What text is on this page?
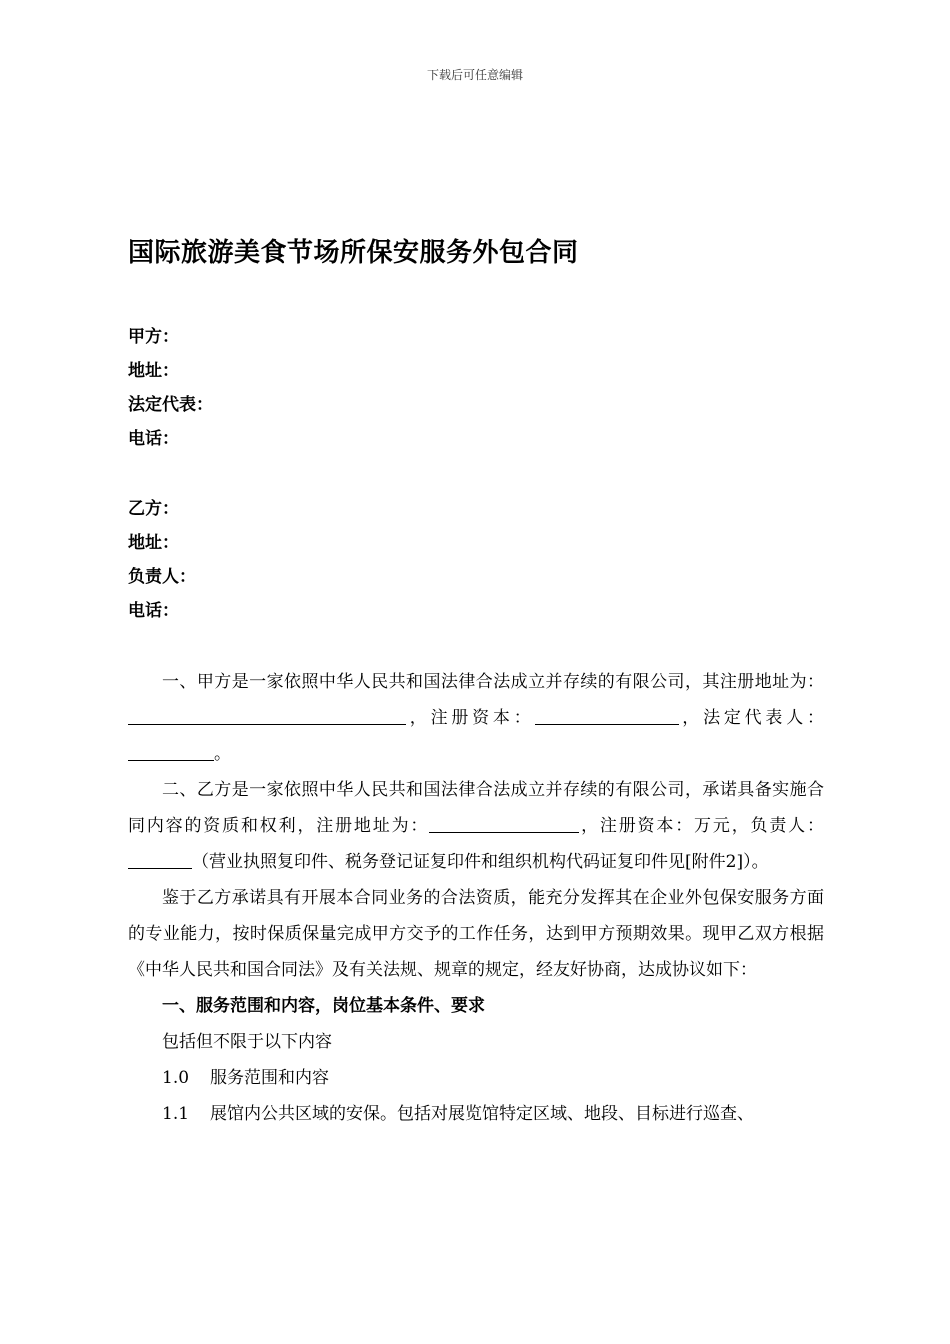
下载后可任意编辑
国际旅游美食节场所保安服务外包合同
甲方：
地址：
法定代表：
电话：
乙方：
地址：
负责人：
电话：

一、甲方是一家依照中华人民共和国法律合法成立并存续的有限公司，其注册地址为：，注册资本：	，法定代表人：。

二、乙方是一家依照中华人民共和国法律合法成立并存续的有限公司，承诺具备实施合同内容的资质和权利，注册地址为：	，注册资本：万元，负责人：（营业执照复印件、税务登记证复印件和组织机构代码证复印件见[附件2]）。

鉴于乙方承诺具有开展本合同业务的合法资质，能充分发挥其在企业外包保安服务方面的专业能力，按时保质保量完成甲方交予的工作任务，达到甲方预期效果。现甲乙双方根据《中华人民共和国合同法》及有关法规、规章的规定，经友好协商，达成协议如下：

一、服务范围和内容，岗位基本条件、要求

包括但不限于以下内容

1.0 服务范围和内容

1.1 展馆内公共区域的安保。包括对展览馆特定区域、地段、目标进行巡查、
